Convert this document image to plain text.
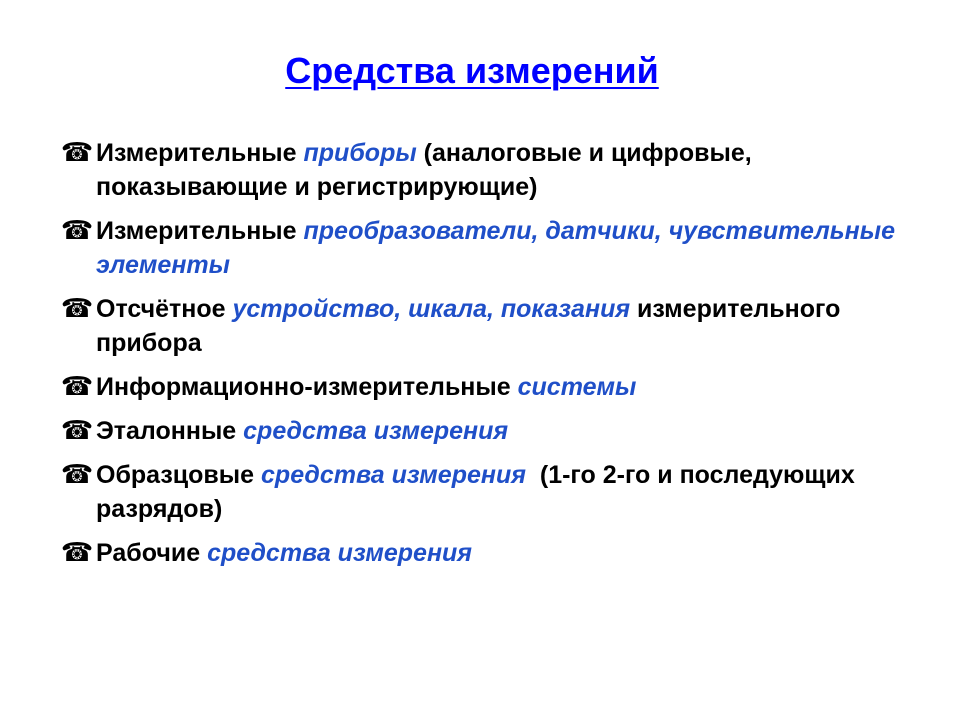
Средства измерений
☎ Измерительные приборы (аналоговые и цифровые, показывающие и регистрирующие)
☎ Измерительные преобразователи, датчики, чувствительные элементы
☎ Отсчётное устройство, шкала, показания измерительного прибора
☎ Информационно-измерительные системы
☎ Эталонные средства измерения
☎ Образцовые средства измерения  (1-го 2-го и последующих разрядов)
☎ Рабочие средства измерения
